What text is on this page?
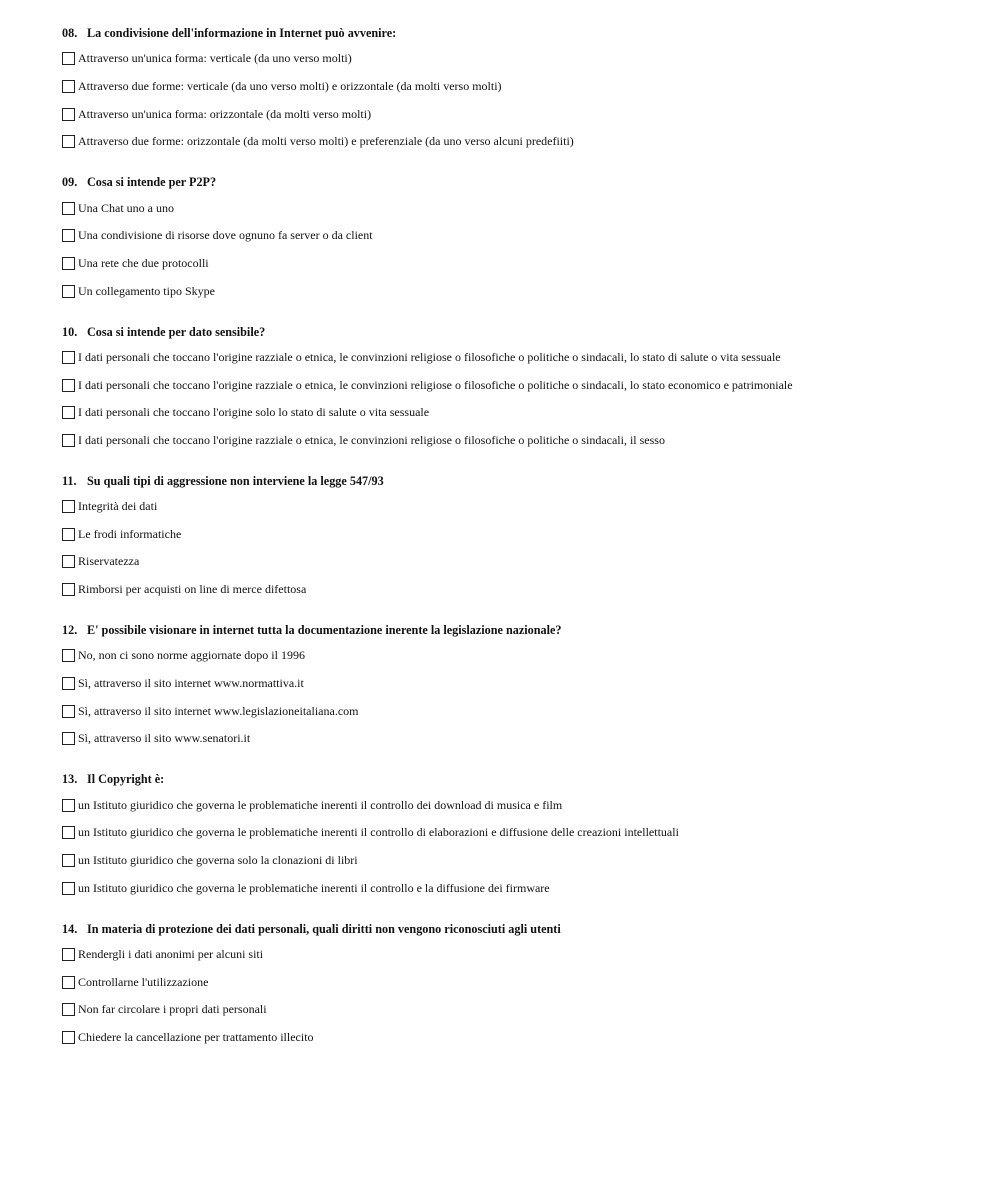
08. La condivisione dell'informazione in Internet può avvenire:
Attraverso un'unica forma: verticale (da uno verso molti)
Attraverso due forme: verticale (da uno verso molti) e orizzontale (da molti verso molti)
Attraverso un'unica forma: orizzontale (da molti verso molti)
Attraverso due forme: orizzontale (da molti verso molti) e preferenziale (da uno verso alcuni predefiiti)
09. Cosa si intende per P2P?
Una Chat uno a uno
Una condivisione di risorse dove ognuno fa server o da client
Una rete che due protocolli
Un collegamento tipo Skype
10. Cosa si intende per dato sensibile?
I dati personali che toccano l'origine razziale o etnica, le convinzioni religiose o filosofiche o politiche o sindacali, lo stato di salute o vita sessuale
I dati personali che toccano l'origine razziale o etnica, le convinzioni religiose o filosofiche o politiche o sindacali, lo stato economico e patrimoniale
I dati personali che toccano l'origine solo lo stato di salute o vita sessuale
I dati personali che toccano l'origine razziale o etnica, le convinzioni religiose o filosofiche o politiche o sindacali, il sesso
11. Su quali tipi di aggressione non interviene la legge 547/93
Integrità dei dati
Le frodi informatiche
Riservatezza
Rimborsi per acquisti on line di merce difettosa
12. E' possibile visionare in internet tutta la documentazione inerente la legislazione nazionale?
No, non ci sono norme aggiornate dopo il 1996
Sì, attraverso il sito internet www.normattiva.it
Sì, attraverso il sito internet www.legislazioneitaliana.com
Sì, attraverso il sito www.senatori.it
13. Il Copyright è:
un Istituto giuridico che governa le problematiche inerenti il controllo dei download di musica e film
un Istituto giuridico che governa le problematiche inerenti il controllo di elaborazioni e diffusione delle creazioni intellettuali
un Istituto giuridico che governa solo la clonazioni di libri
un Istituto giuridico che governa le problematiche inerenti il controllo e la diffusione dei firmware
14. In materia di protezione dei dati personali, quali diritti non vengono riconosciuti agli utenti
Rendergli i dati anonimi per alcuni siti
Controllarne l'utilizzazione
Non far circolare i propri dati personali
Chiedere la cancellazione per trattamento illecito
